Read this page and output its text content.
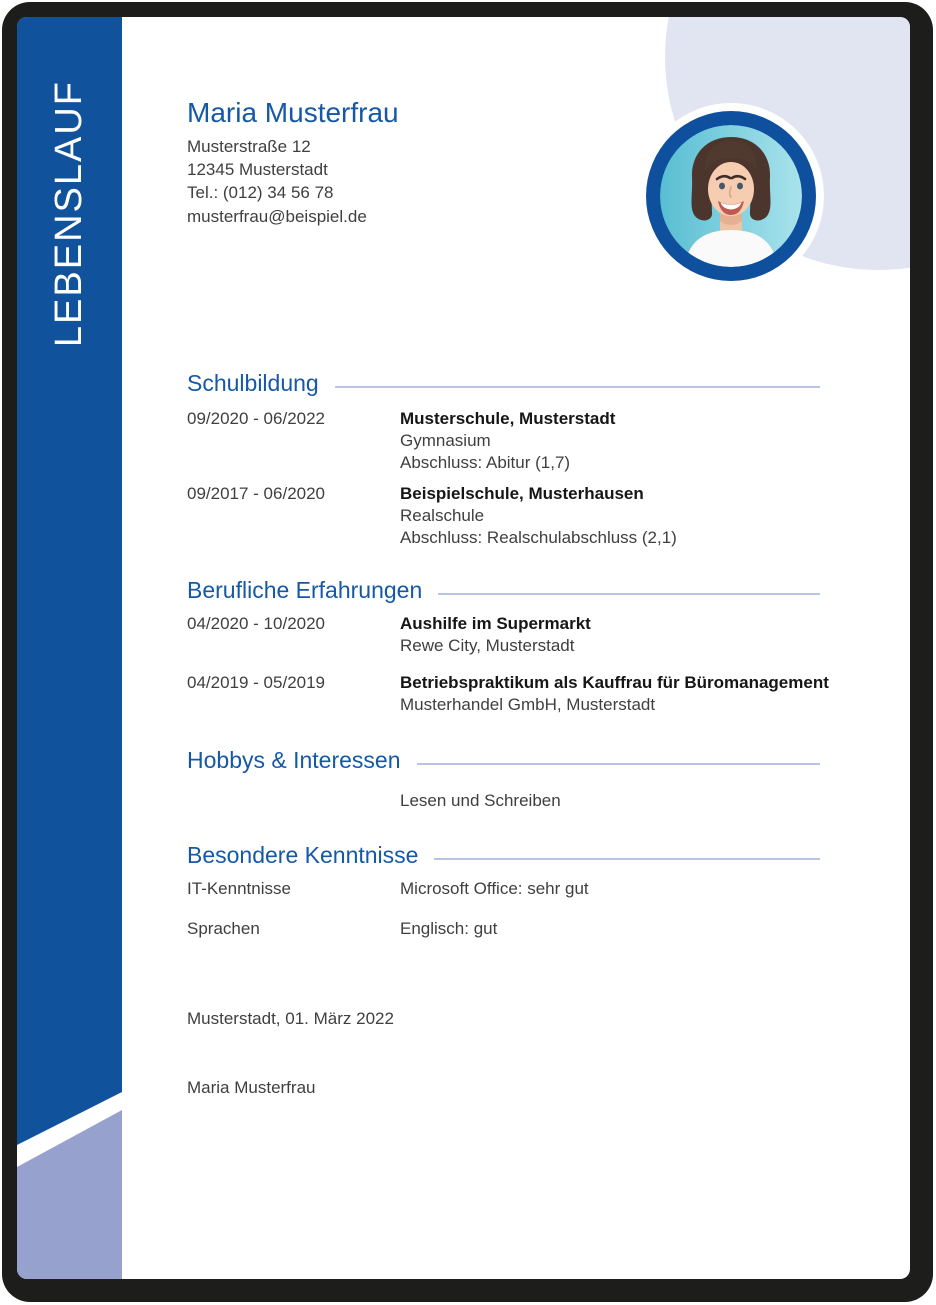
LEBENSLAUF	Maria Musterfrau
Musterstraße 12
12345 Musterstadt
Tel.: (012) 34 56 78
musterfrau@beispiel.de
Schulbildung
09/2020 - 06/2022	Musterschule, Musterstadt
Gymnasium
Abschluss: Abitur (1,7)
09/2017 - 06/2020	Beispielschule, Musterhausen
Realschule
Abschluss: Realschulabschluss (2,1)
Berufliche Erfahrungen
04/2020 - 10/2020	Aushilfe im Supermarkt
Rewe City, Musterstadt
04/2019 - 05/2019	Betriebspraktikum als Kauffrau für Büromanagement
Musterhandel GmbH, Musterstadt
Hobbys & Interessen
Lesen und Schreiben
Besondere Kenntnisse
IT-Kenntnisse	Microsoft Office: sehr gut
Sprachen	Englisch: gut
Musterstadt, 01. März 2022
Maria Musterfrau
